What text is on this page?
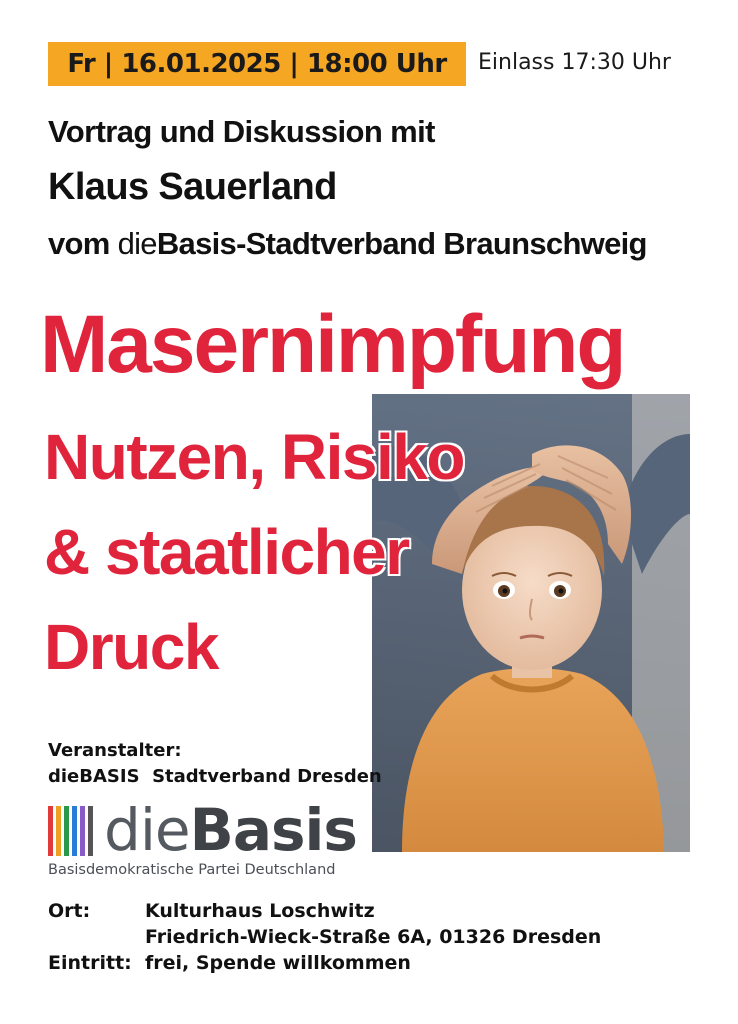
Fr | 16.01.2025 | 18:00 Uhr	Einlass 17:30 Uhr
Vortrag und Diskussion mit
Klaus Sauerland
vom dieBasis-Stadtverband Braunschweig
Masernimpfung
Nutzen, Risiko
& staatlicher
Druck
Veranstalter:
dieBASIS  Stadtverband Dresden
dieBasis
Basisdemokratische Partei Deutschland
Ort:	Kulturhaus Loschwitz
Friedrich-Wieck-Straße 6A, 01326 Dresden
Eintritt: frei, Spende willkommen
